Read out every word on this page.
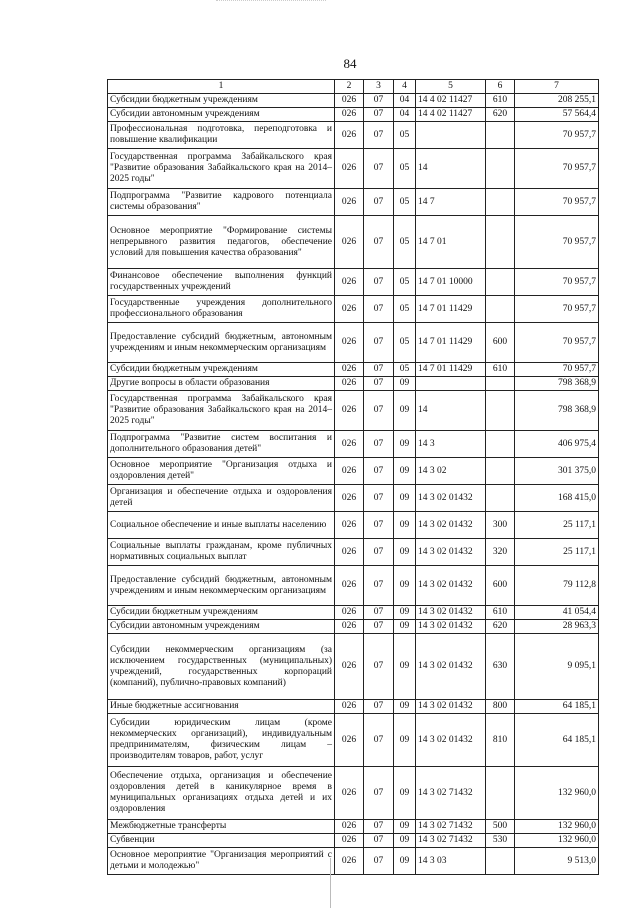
84
1	2	3	4	5	6	7
Субсидии бюджетным учреждениям	026	07	04	14 4 02 11427	610	208 255,1
Субсидии автономным учреждениям	026	07	04	14 4 02 11427	620	57 564,4
Профессиональная подготовка, переподготовка и повышение квалификации	026	07	05			70 957,7
Государственная программа Забайкальского края "Развитие образования Забайкальского края на 2014–2025 годы"	026	07	05	14		70 957,7
Подпрограмма "Развитие кадрового потенциала системы образования"	026	07	05	14 7		70 957,7
Основное мероприятие "Формирование системы непрерывного развития педагогов, обеспечение условий для повышения качества образования"	026	07	05	14 7 01		70 957,7
Финансовое обеспечение выполнения функций государственных учреждений	026	07	05	14 7 01 10000		70 957,7
Государственные учреждения дополнительного профессионального образования	026	07	05	14 7 01 11429		70 957,7
Предоставление субсидий бюджетным, автономным учреждениям и иным некоммерческим организациям	026	07	05	14 7 01 11429	600	70 957,7
Субсидии бюджетным учреждениям	026	07	05	14 7 01 11429	610	70 957,7
Другие вопросы в области образования	026	07	09			798 368,9
Государственная программа Забайкальского края "Развитие образования Забайкальского края на 2014–2025 годы"	026	07	09	14		798 368,9
Подпрограмма "Развитие систем воспитания и дополнительного образования детей"	026	07	09	14 3		406 975,4
Основное мероприятие "Организация отдыха и оздоровления детей"	026	07	09	14 3 02		301 375,0
Организация и обеспечение отдыха и оздоровления детей	026	07	09	14 3 02 01432		168 415,0
Социальное обеспечение и иные выплаты населению	026	07	09	14 3 02 01432	300	25 117,1
Социальные выплаты гражданам, кроме публичных нормативных социальных выплат	026	07	09	14 3 02 01432	320	25 117,1
Предоставление субсидий бюджетным, автономным учреждениям и иным некоммерческим организациям	026	07	09	14 3 02 01432	600	79 112,8
Субсидии бюджетным учреждениям	026	07	09	14 3 02 01432	610	41 054,4
Субсидии автономным учреждениям	026	07	09	14 3 02 01432	620	28 963,3
Субсидии некоммерческим организациям (за исключением государственных (муниципальных) учреждений, государственных корпораций (компаний), публично-правовых компаний)	026	07	09	14 3 02 01432	630	9 095,1
Иные бюджетные ассигнования	026	07	09	14 3 02 01432	800	64 185,1
Субсидии юридическим лицам (кроме некоммерческих организаций), индивидуальным предпринимателям, физическим лицам – производителям товаров, работ, услуг	026	07	09	14 3 02 01432	810	64 185,1
Обеспечение отдыха, организация и обеспечение оздоровления детей в каникулярное время в муниципальных организациях отдыха детей и их оздоровления	026	07	09	14 3 02 71432		132 960,0
Межбюджетные трансферты	026	07	09	14 3 02 71432	500	132 960,0
Субвенции	026	07	09	14 3 02 71432	530	132 960,0
Основное мероприятие "Организация мероприятий с детьми и молодежью"	026	07	09	14 3 03		9 513,0
